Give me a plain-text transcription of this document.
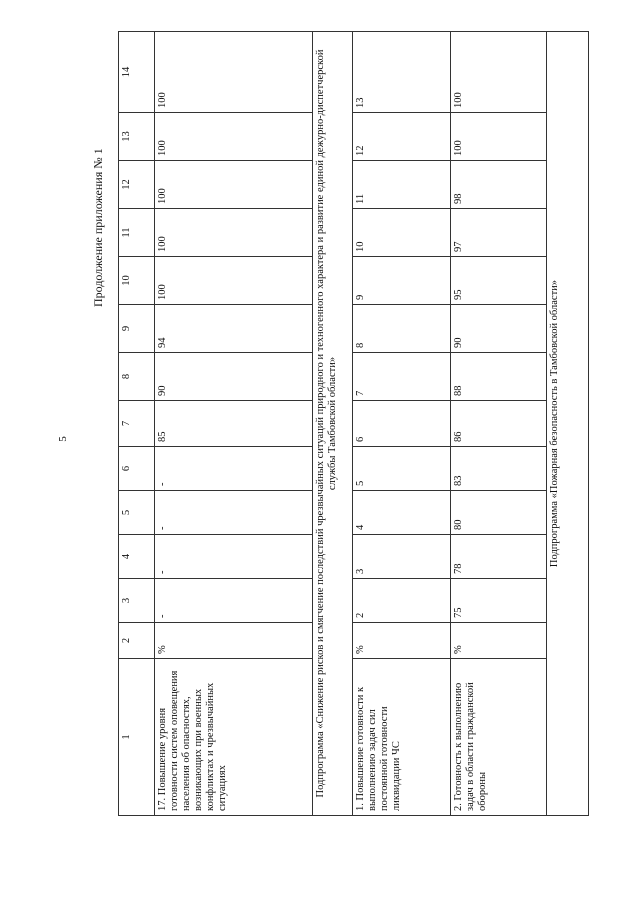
5
Продолжение приложения № 1
1	2	3	4	5	6	7	8	9	10	11	12	13	14
17. Повышение уровня готовности систем оповещения населения об опасностях, возникающих при военных конфликтах и чрезвычайных ситуациях	%	-	-	-	-	85	90	94	100	100	100	100	100
Подпрограмма «Снижение рисков и смягчение последствий чрезвычайных ситуаций природного и техногенного характера и развитие единой дежурно-диспетчерской службы Тамбовской области»													
1. Повышение готовности к выполнению задач сил постоянной готовности ликвидации ЧС	%	2	3	4	5	6	7	8	9	10	11	12	13
2. Готовность к выполнению задач в области гражданской обороны	%	75	78	80	83	86	88	90	95	97	98	100	100
Подпрограмма «Пожарная безопасность в Тамбовской области»													
